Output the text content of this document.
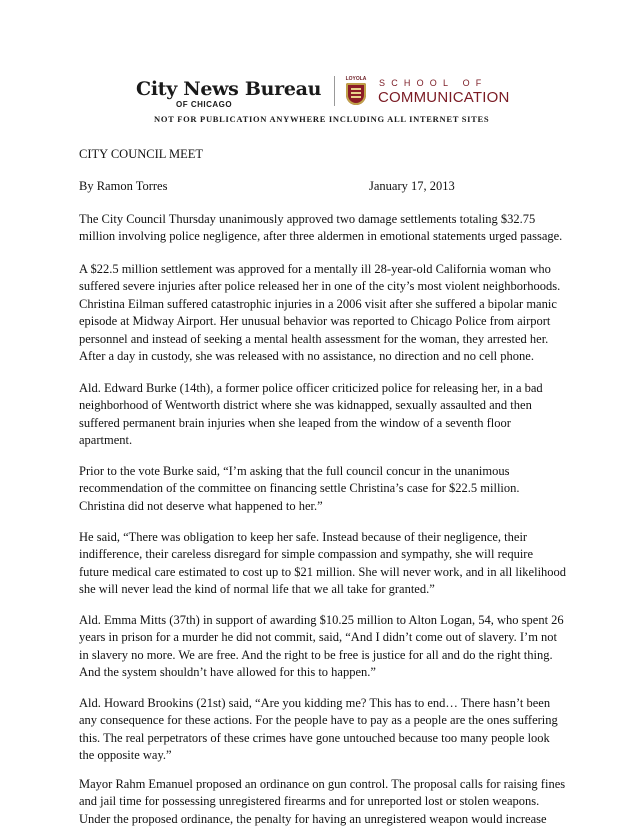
City News Bureau
OF CHICAGO
LOYOLA SCHOOL OF
COMMUNICATION
NOT FOR PUBLICATION ANYWHERE INCLUDING ALL INTERNET SITES
CITY COUNCIL MEET
By Ramon Torres	January 17, 2013
The City Council Thursday unanimously approved two damage settlements totaling $32.75
million involving police negligence, after three aldermen in emotional statements urged passage.
A $22.5 million settlement was approved for a mentally ill 28-year-old California woman who
suffered severe injuries after police released her in one of the city’s most violent neighborhoods.
Christina Eilman suffered catastrophic injuries in a 2006 visit after she suffered a bipolar manic
episode at Midway Airport. Her unusual behavior was reported to Chicago Police from airport
personnel and instead of seeking a mental health assessment for the woman, they arrested her.
After a day in custody, she was released with no assistance, no direction and no cell phone.
Ald. Edward Burke (14th), a former police officer criticized police for releasing her, in a bad
neighborhood of Wentworth district where she was kidnapped, sexually assaulted and then
suffered permanent brain injuries when she leaped from the window of a seventh floor
apartment.
Prior to the vote Burke said, “I’m asking that the full council concur in the unanimous
recommendation of the committee on financing settle Christina’s case for $22.5 million.
Christina did not deserve what happened to her.”
He said, “There was obligation to keep her safe. Instead because of their negligence, their
indifference, their careless disregard for simple compassion and sympathy, she will require
future medical care estimated to cost up to $21 million. She will never work, and in all likelihood
she will never lead the kind of normal life that we all take for granted.”
Ald. Emma Mitts (37th) in support of awarding $10.25 million to Alton Logan, 54, who spent 26
years in prison for a murder he did not commit, said, “And I didn’t come out of slavery. I’m not
in slavery no more. We are free. And the right to be free is justice for all and do the right thing.
And the system shouldn’t have allowed for this to happen.”
Ald. Howard Brookins (21st) said, “Are you kidding me? This has to end… There hasn’t been
any consequence for these actions. For the people have to pay as a people are the ones suffering
this. The real perpetrators of these crimes have gone untouched because too many people look
the opposite way.”
Mayor Rahm Emanuel proposed an ordinance on gun control. The proposal calls for raising fines
and jail time for possessing unregistered firearms and for unreported lost or stolen weapons.
Under the proposed ordinance, the penalty for having an unregistered weapon would increase
